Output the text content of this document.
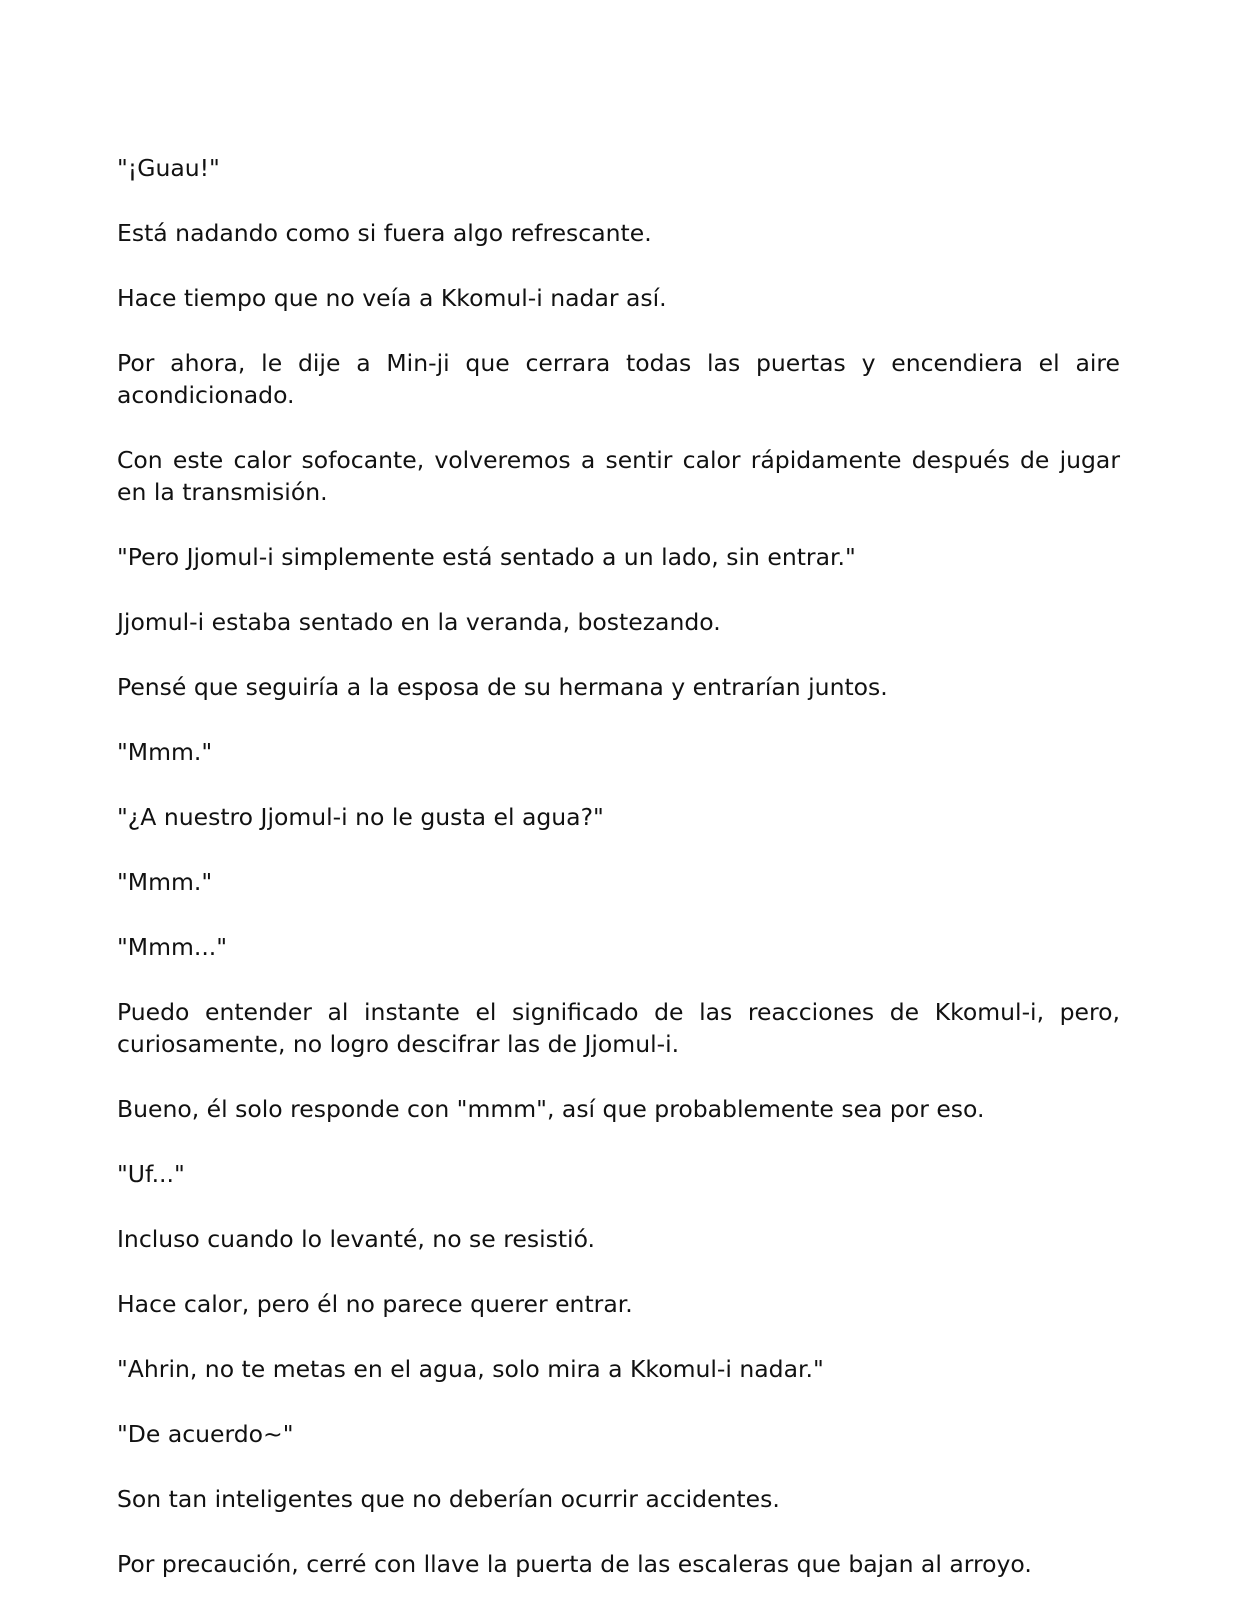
"¡Guau!"

Está nadando como si fuera algo refrescante.

Hace tiempo que no veía a Kkomul-i nadar así.

Por ahora, le dije a Min-ji que cerrara todas las puertas y encendiera el aire acondicionado.

Con este calor sofocante, volveremos a sentir calor rápidamente después de jugar en la transmisión.

"Pero Jjomul-i simplemente está sentado a un lado, sin entrar."

Jjomul-i estaba sentado en la veranda, bostezando.

Pensé que seguiría a la esposa de su hermana y entrarían juntos.

"Mmm."

"¿A nuestro Jjomul-i no le gusta el agua?"

"Mmm."

"Mmm..."

Puedo entender al instante el significado de las reacciones de Kkomul-i, pero, curiosamente, no logro descifrar las de Jjomul-i.

Bueno, él solo responde con "mmm", así que probablemente sea por eso.

"Uf..."

Incluso cuando lo levanté, no se resistió.

Hace calor, pero él no parece querer entrar.

"Ahrin, no te metas en el agua, solo mira a Kkomul-i nadar."

"De acuerdo~"

Son tan inteligentes que no deberían ocurrir accidentes.

Por precaución, cerré con llave la puerta de las escaleras que bajan al arroyo.
